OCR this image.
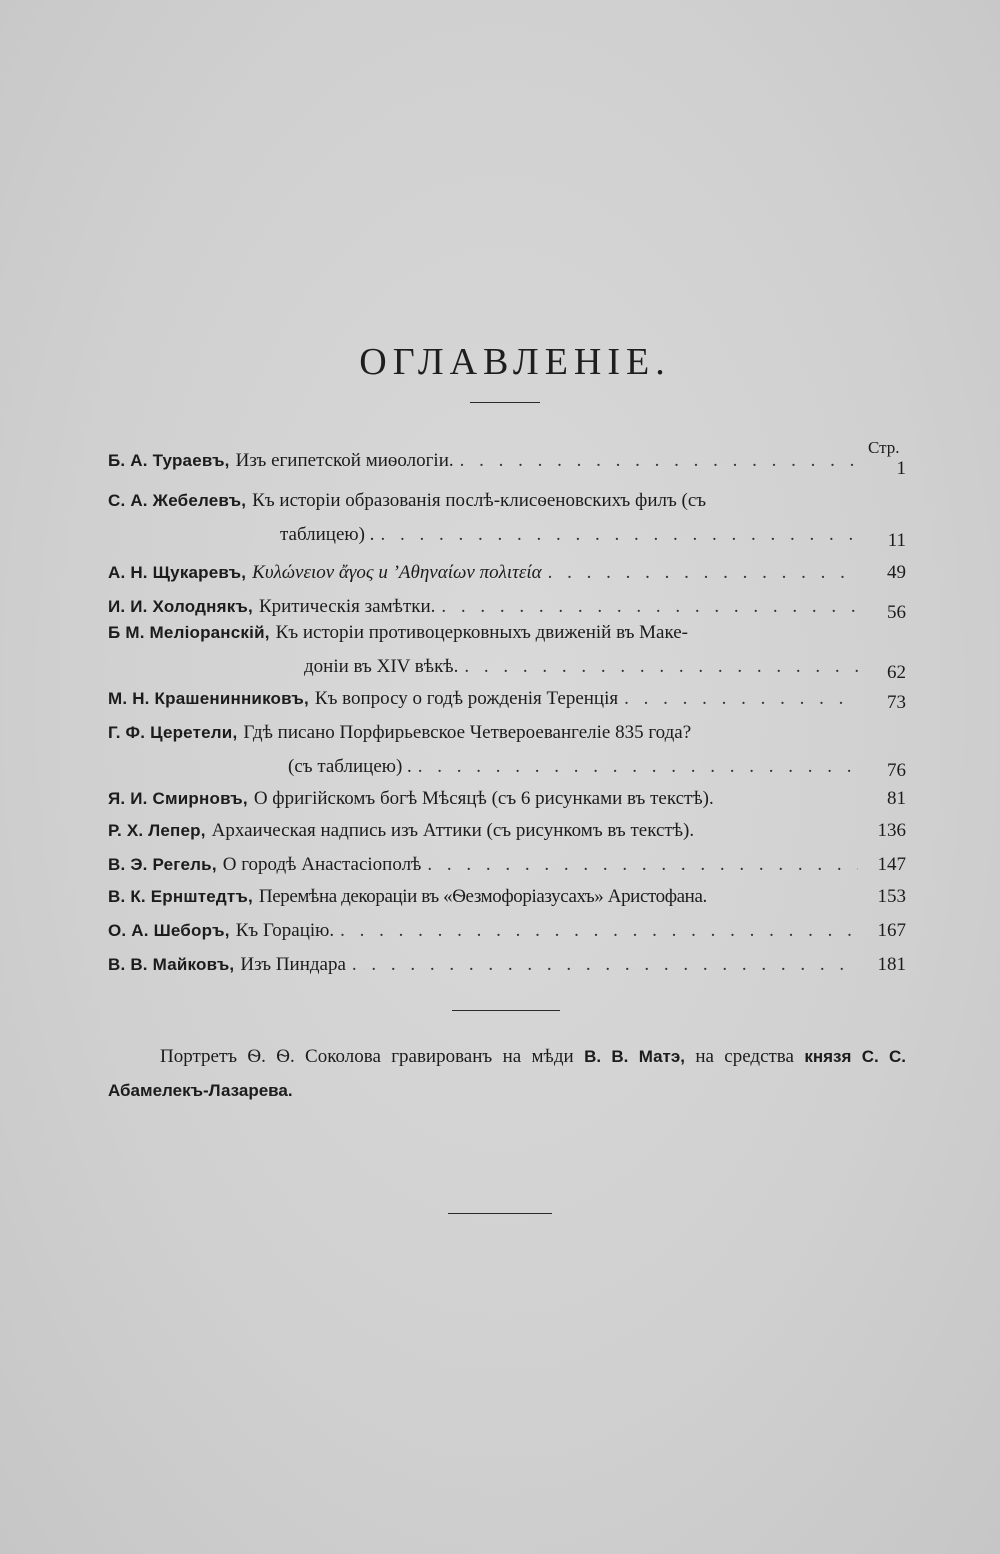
ОГЛАВЛЕНІЕ.
Стр.
Б. А. Тураевъ, Изъ египетской миѳологіи. . . .	1
С. А. Жебелевъ, Къ исторіи образованія послѣ-клисѳеновскихъ филъ (съ
таблицею) . . . .	11
А. Н. Щукаревъ, Κυλώνειον ἄγος и ’Αθηναίων πολιτεία . . .	49
И. И. Холоднякъ, Критическія замѣтки. . . .	56
Б М. Меліоранскій, Къ исторіи противоцерковныхъ движеній въ Маке-
доніи въ XIV вѣкѣ. . . .	62
М. Н. Крашенинниковъ, Къ вопросу о годѣ рожденія Теренція . . .	73
Г. Ф. Церетели, Гдѣ писано Порфирьевское Четвероевангеліе 835 года?
(съ таблицею) . . . .	76
Я. И. Смирновъ, О фригійскомъ богѣ Мѣсяцѣ (съ 6 рисунками въ текстѣ).	81
Р. Х. Лепер, Архаическая надпись изъ Аттики (съ рисункомъ въ текстѣ).	136
В. Э. Регель, О городѣ Анастасіополѣ . . .	147
В. К. Ернштедтъ, Перемѣна декораціи въ «Ѳезмофоріазусахъ» Аристофана.	153
О. А. Шеборъ, Къ Горацію. . . .	167
В. В. Майковъ, Изъ Пиндара . . .	181
Портретъ Ѳ. Ѳ. Соколова гравированъ на мѣди В. В. Матэ, на средства князя С. С. Абамелекъ-Лазарева.
